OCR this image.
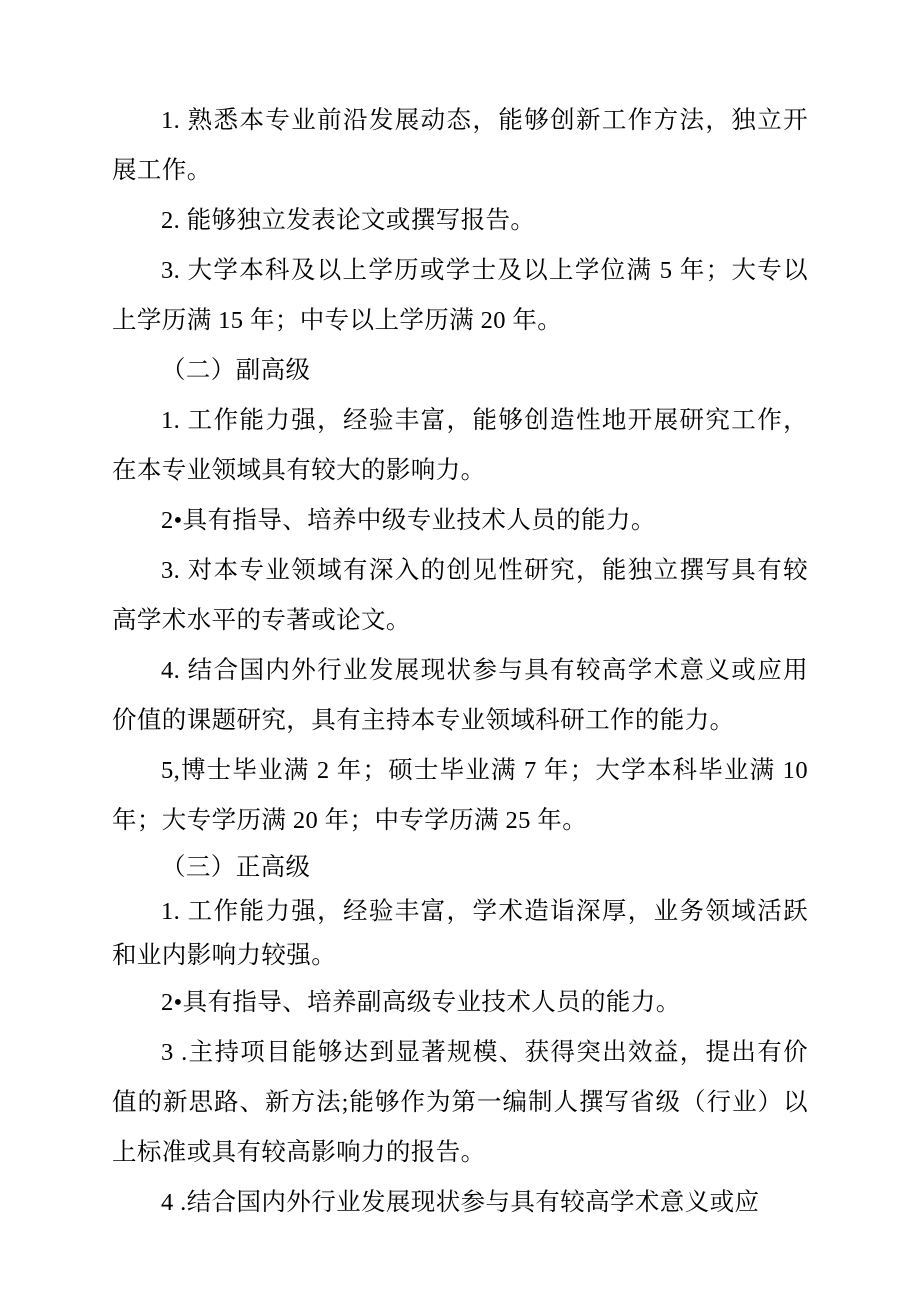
1. 熟悉本专业前沿发展动态，能够创新工作方法，独立开展工作。

2. 能够独立发表论文或撰写报告。

3. 大学本科及以上学历或学士及以上学位满 5 年；大专以上学历满 15 年；中专以上学历满 20 年。

（二）副高级

1. 工作能力强，经验丰富，能够创造性地开展研究工作，在本专业领域具有较大的影响力。

2•具有指导、培养中级专业技术人员的能力。

3. 对本专业领域有深入的创见性研究，能独立撰写具有较高学术水平的专著或论文。

4. 结合国内外行业发展现状参与具有较高学术意义或应用价值的课题研究，具有主持本专业领域科研工作的能力。

5,博士毕业满 2 年；硕士毕业满 7 年；大学本科毕业满 10 年；大专学历满 20 年；中专学历满 25 年。

（三）正高级

1. 工作能力强，经验丰富，学术造诣深厚，业务领域活跃和业内影响力较强。

2•具有指导、培养副高级专业技术人员的能力。

3 .主持项目能够达到显著规模、获得突出效益，提出有价值的新思路、新方法;能够作为第一编制人撰写省级（行业）以上标准或具有较高影响力的报告。

4 .结合国内外行业发展现状参与具有较高学术意义或应
